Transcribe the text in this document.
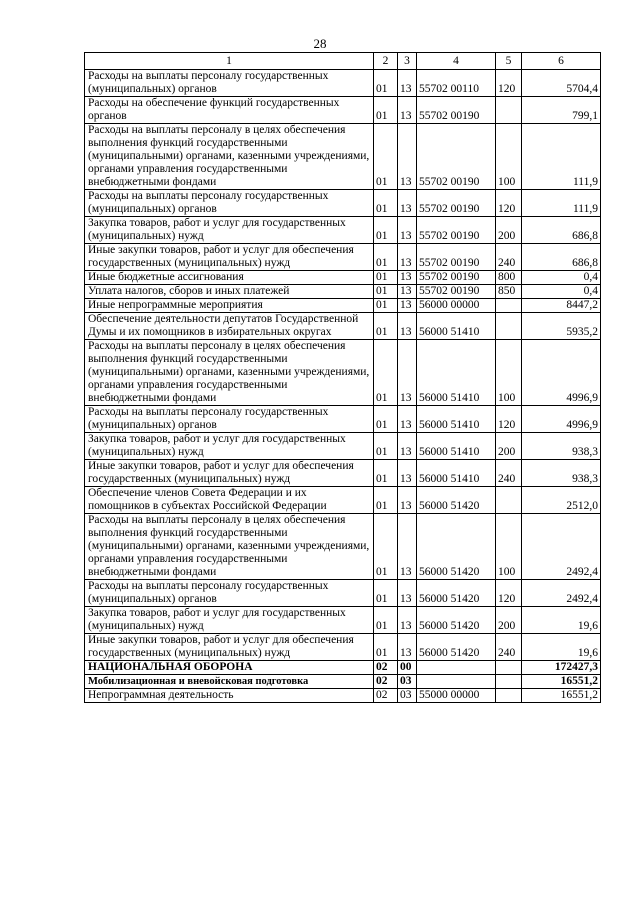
28
1	2	3	4	5	6
Расходы на выплаты персоналу государственных (муниципальных) органов	01	13	55702 00110	120	5704,4
Расходы на обеспечение функций государственных органов	01	13	55702 00190		799,1
Расходы на выплаты персоналу в целях обеспечения выполнения функций государственными (муниципальными) органами, казенными учреждениями, органами управления государственными внебюджетными фондами	01	13	55702 00190	100	111,9
Расходы на выплаты персоналу государственных (муниципальных) органов	01	13	55702 00190	120	111,9
Закупка товаров, работ и услуг для государственных (муниципальных) нужд	01	13	55702 00190	200	686,8
Иные закупки товаров, работ и услуг для обеспечения государственных (муниципальных) нужд	01	13	55702 00190	240	686,8
Иные бюджетные ассигнования	01	13	55702 00190	800	0,4
Уплата налогов, сборов и иных платежей	01	13	55702 00190	850	0,4
Иные непрограммные мероприятия	01	13	56000 00000		8447,2
Обеспечение деятельности депутатов Государственной Думы и их помощников в избирательных округах	01	13	56000 51410		5935,2
Расходы на выплаты персоналу в целях обеспечения выполнения функций государственными (муниципальными) органами, казенными учреждениями, органами управления государственными внебюджетными фондами	01	13	56000 51410	100	4996,9
Расходы на выплаты персоналу государственных (муниципальных) органов	01	13	56000 51410	120	4996,9
Закупка товаров, работ и услуг для государственных (муниципальных) нужд	01	13	56000 51410	200	938,3
Иные закупки товаров, работ и услуг для обеспечения государственных (муниципальных) нужд	01	13	56000 51410	240	938,3
Обеспечение членов Совета Федерации и их помощников в субъектах Российской Федерации	01	13	56000 51420		2512,0
Расходы на выплаты персоналу в целях обеспечения выполнения функций государственными (муниципальными) органами, казенными учреждениями, органами управления государственными внебюджетными фондами	01	13	56000 51420	100	2492,4
Расходы на выплаты персоналу государственных (муниципальных) органов	01	13	56000 51420	120	2492,4
Закупка товаров, работ и услуг для государственных (муниципальных) нужд	01	13	56000 51420	200	19,6
Иные закупки товаров, работ и услуг для обеспечения государственных (муниципальных) нужд	01	13	56000 51420	240	19,6
НАЦИОНАЛЬНАЯ ОБОРОНА	02	00			172427,3
Мобилизационная и вневойсковая подготовка	02	03			16551,2
Непрограммная деятельность	02	03	55000 00000		16551,2
